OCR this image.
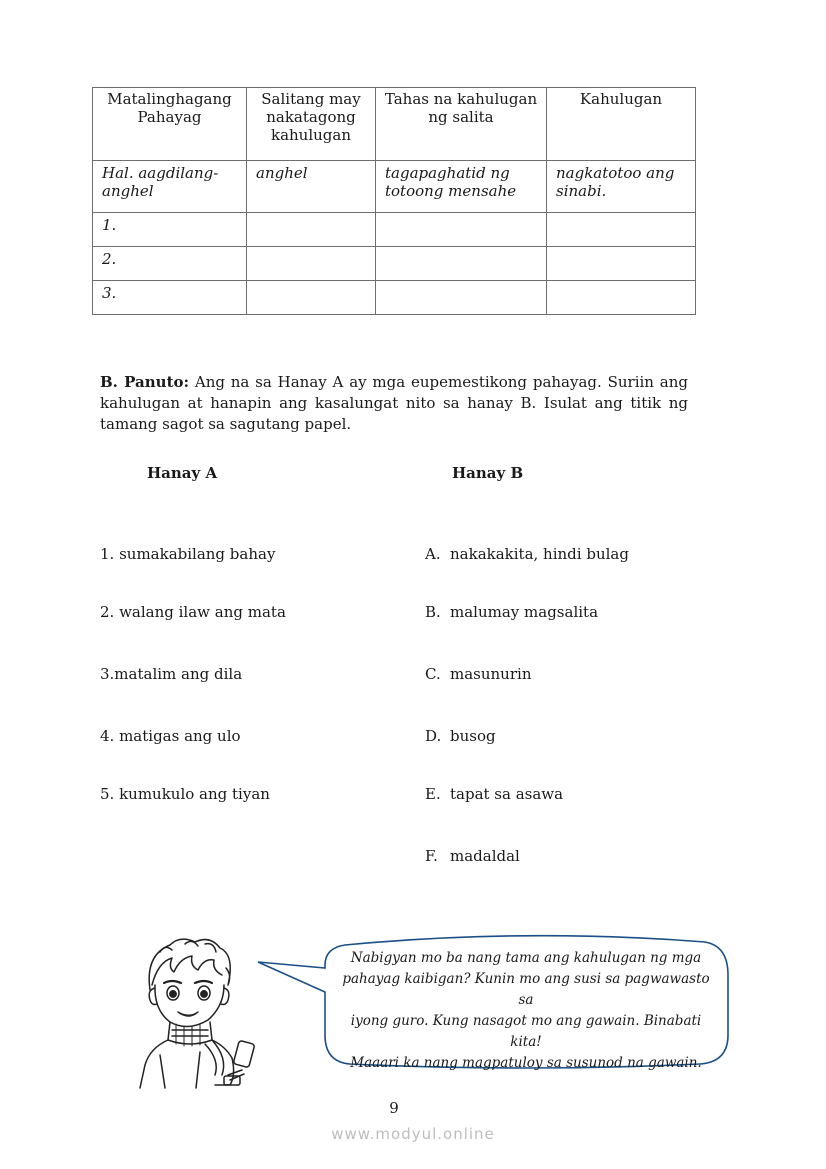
Matalinghagang Pahayag	Salitang may nakatagong kahulugan	Tahas na kahulugan ng salita	Kahulugan
Hal. aagdilang-anghel	anghel	tagapaghatid ng totoong mensahe	nagkatotoo ang sinabi.
1.			
2.			
3.			
B. Panuto: Ang na sa Hanay A ay mga eupemestikong pahayag. Suriin ang kahulugan at hanapin ang kasalungat nito sa hanay B. Isulat ang titik ng tamang sagot sa sagutang papel.
Hanay A	Hanay B
1. sumakabilang bahay
2. walang ilaw ang mata
3.matalim ang dila
4. matigas ang ulo
5. kumukulo ang tiyan
A. nakakakita, hindi bulag
B. malumay magsalita
C. masunurin
D. busog
E. tapat sa asawa
F. madaldal
Nabigyan mo ba nang tama ang kahulugan ng mga
pahayag kaibigan? Kunin mo ang susi sa pagwawasto sa
iyong guro. Kung nasagot mo ang gawain. Binabati kita!
Maaari ka nang magpatuloy sa susunod na gawain.
9
www.modyul.online
